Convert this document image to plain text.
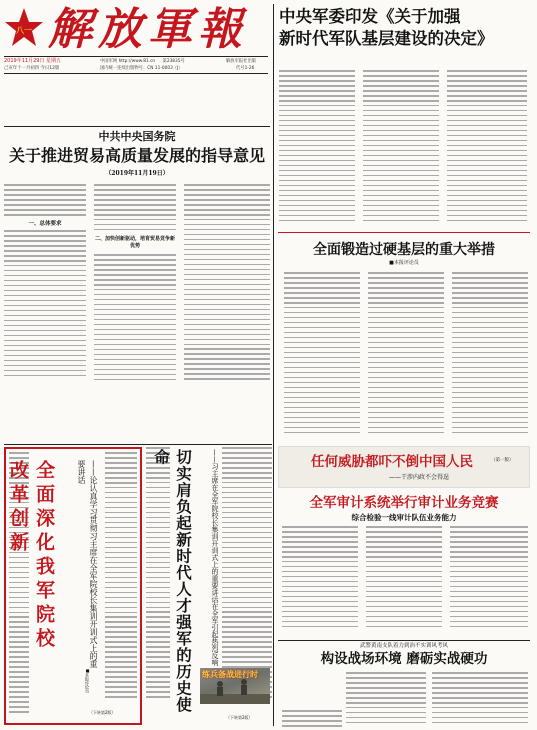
八一 解放軍報
2019年11月29日 星期五
己亥年十一月初四 今日12版
中国军网 http://www.81.cn 第23835号
国内统一连续出版物号：CN 11-0003（J）
解放军报社出版
代号1-26
中央军委印发《关于加强
新时代军队基层建设的决定》
中共中央国务院
关于推进贸易高质量发展的指导意见
（2019年11月19日）
一、总体要求
二、加快创新驱动，培育贸易竞争新优势	全面锻造过硬基层的重大举措
■本报评论员
全面深化我军院校改革创新	——论认真学习贯彻习主席在全军院校长集训开训式上的重要讲话
■本报评论员
（下转第2版）	切实肩负起新时代人才强军的历史使命	——习主席在全军院校长集训开训式上的重要讲话在全军引起热烈反响
（下转第2版）
任何威胁都吓不倒中国人民
——干涉内政不会得逞
（第一版）
全军审计系统举行审计业务竞赛
综合检验一线审计队伍业务能力
武警黄南支队着力到治不实训风考风
构设战场环境 磨砺实战硬功
练兵备战进行时
